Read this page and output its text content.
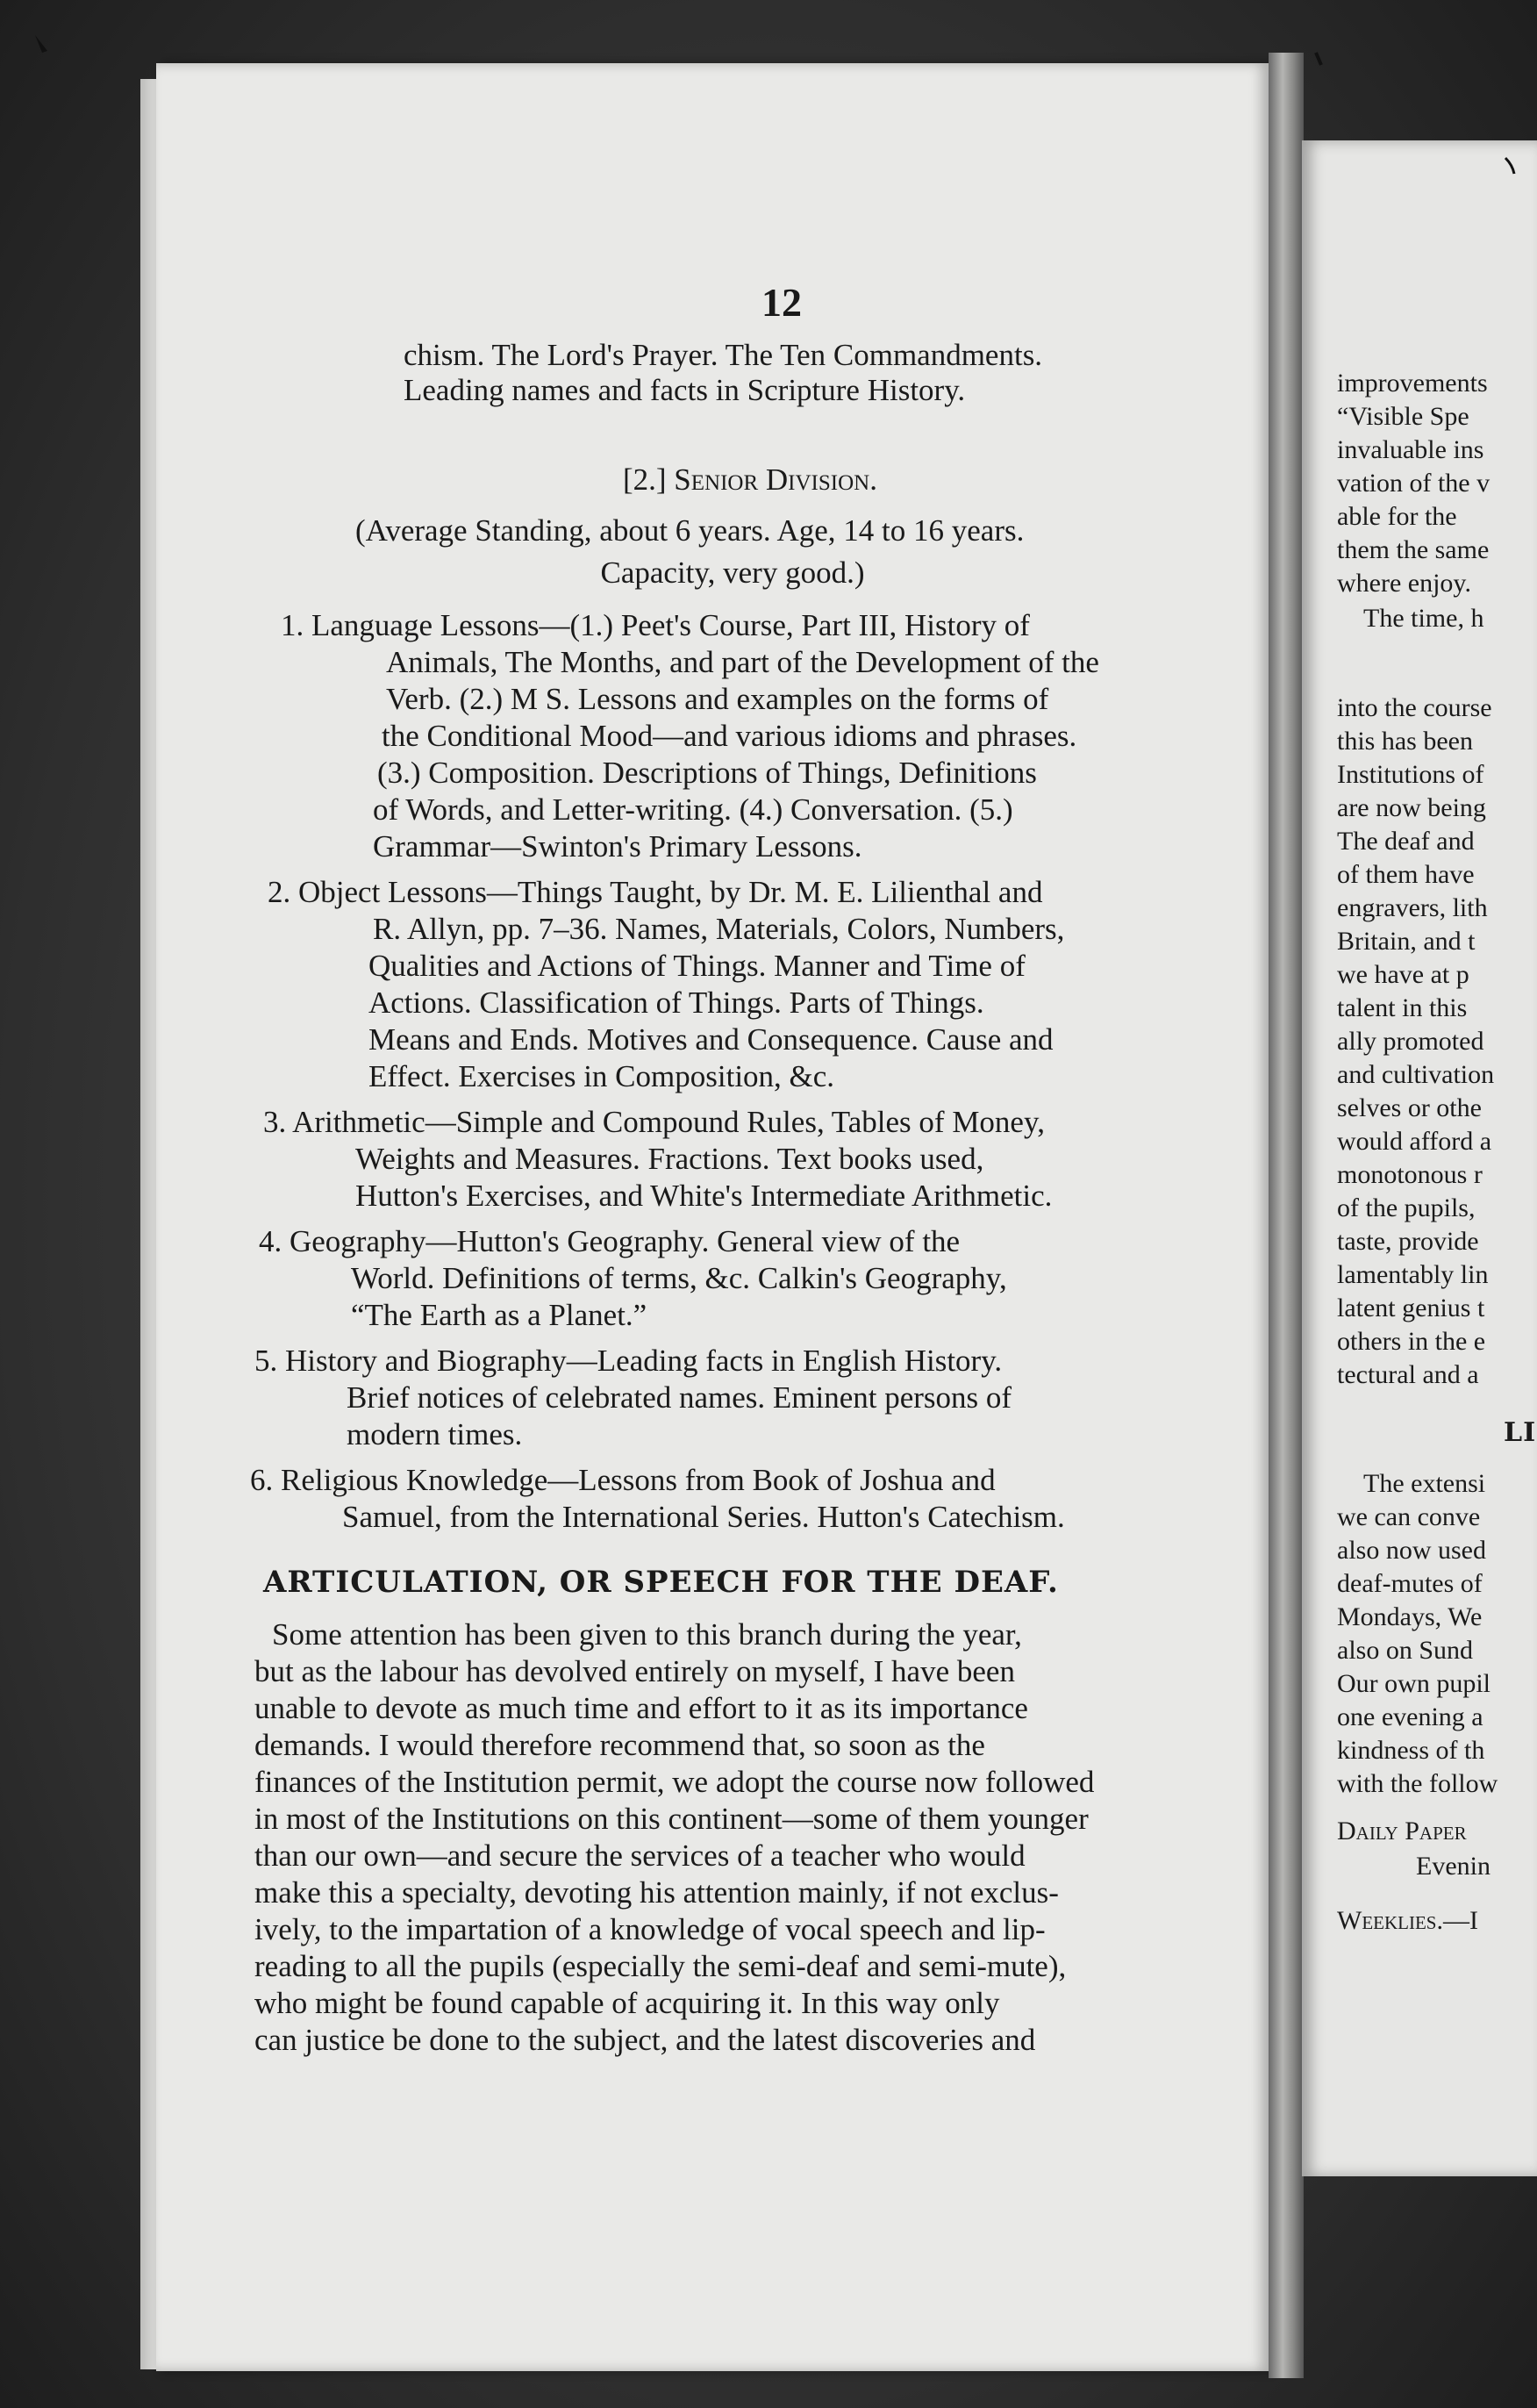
improvements
“Visible Spe
invaluable ins
vation of the v
able for the
them the same
where enjoy.
The time, h
into the course
this has been
Institutions of
are now being
The deaf and
of them have
engravers, lith
Britain, and t
we have at p
talent in this
ally promoted
and cultivation
selves or othe
would afford a
monotonous r
of the pupils,
taste, provide
lamentably lin
latent genius t
others in the e
tectural and a
LI
The extensi
we can conve
also now used
deaf-mutes of
Mondays, We
also on Sund
Our own pupil
one evening a
kindness of th
with the follow
Daily Paper
Evenin
Weeklies.—I
12
chism. The Lord's Prayer. The Ten Commandments.
Leading names and facts in Scripture History.
[2.] Senior Division.
(Average Standing, about 6 years. Age, 14 to 16 years.
Capacity, very good.)
1. Language Lessons—(1.) Peet's Course, Part III, History of
Animals, The Months, and part of the Development of the
Verb. (2.) M S. Lessons and examples on the forms of
the Conditional Mood—and various idioms and phrases.
(3.) Composition. Descriptions of Things, Definitions
of Words, and Letter-writing. (4.) Conversation. (5.)
Grammar—Swinton's Primary Lessons.
2. Object Lessons—Things Taught, by Dr. M. E. Lilienthal and
R. Allyn, pp. 7–36. Names, Materials, Colors, Numbers,
Qualities and Actions of Things. Manner and Time of
Actions. Classification of Things. Parts of Things.
Means and Ends. Motives and Consequence. Cause and
Effect. Exercises in Composition, &c.
3. Arithmetic—Simple and Compound Rules, Tables of Money,
Weights and Measures. Fractions. Text books used,
Hutton's Exercises, and White's Intermediate Arithmetic.
4. Geography—Hutton's Geography. General view of the
World. Definitions of terms, &c. Calkin's Geography,
“The Earth as a Planet.”
5. History and Biography—Leading facts in English History.
Brief notices of celebrated names. Eminent persons of
modern times.
6. Religious Knowledge—Lessons from Book of Joshua and
Samuel, from the International Series. Hutton's Catechism.
ARTICULATION, OR SPEECH FOR THE DEAF.
Some attention has been given to this branch during the year,
but as the labour has devolved entirely on myself, I have been
unable to devote as much time and effort to it as its importance
demands. I would therefore recommend that, so soon as the
finances of the Institution permit, we adopt the course now followed
in most of the Institutions on this continent—some of them younger
than our own—and secure the services of a teacher who would
make this a specialty, devoting his attention mainly, if not exclus-
ively, to the impartation of a knowledge of vocal speech and lip-
reading to all the pupils (especially the semi-deaf and semi-mute),
who might be found capable of acquiring it. In this way only
can justice be done to the subject, and the latest discoveries and
